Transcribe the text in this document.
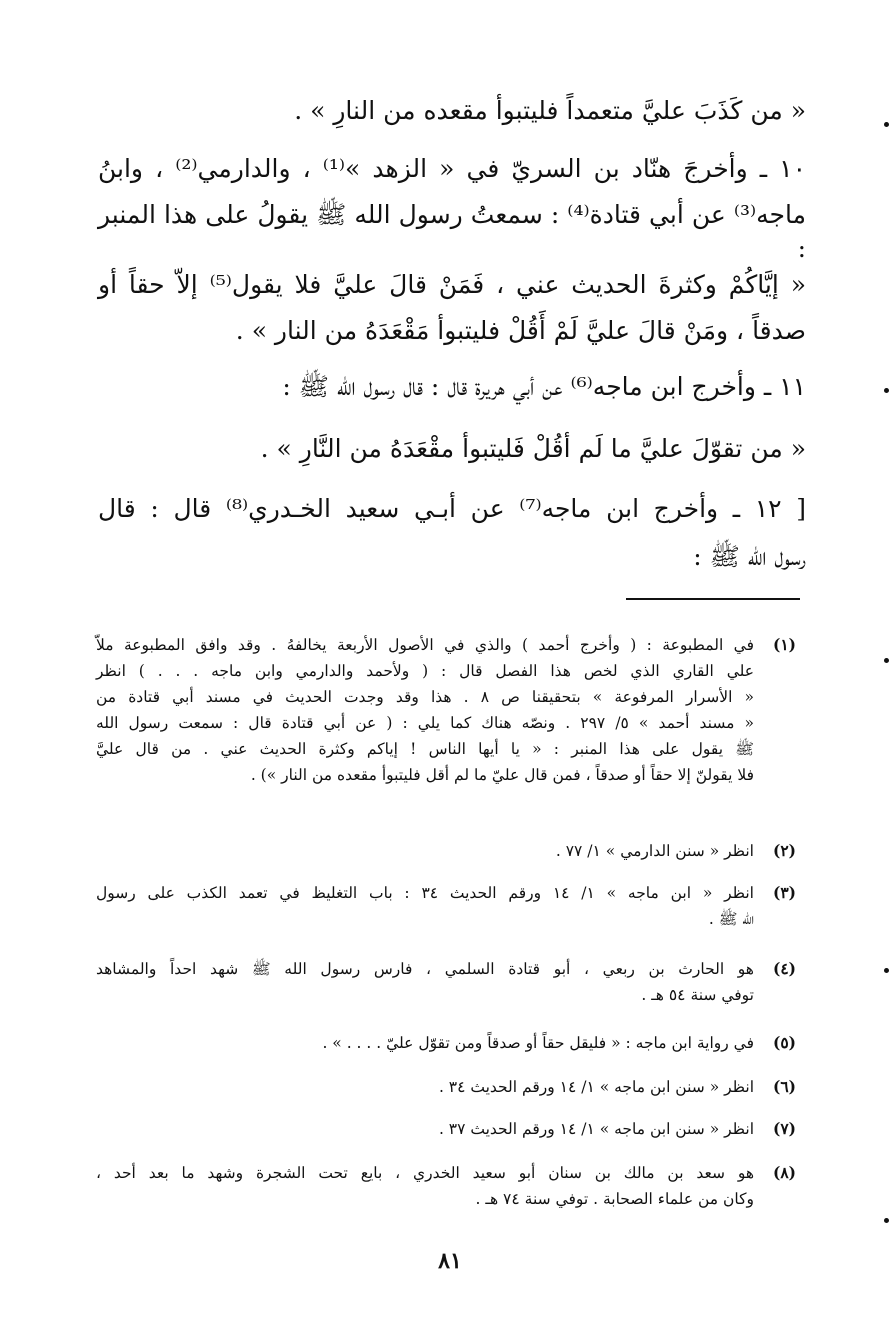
« من كَذَبَ عليَّ متعمداً فليتبوأ مقعده من النارِ » .
١٠ ـ وأخرجَ هنّاد بن السريّ في « الزهد »⁽¹⁾ ، والدارمي⁽²⁾ ، وابنُ
ماجه⁽³⁾ عن أبي قتادة⁽⁴⁾ : سمعتُ رسول الله ﷺ يقولُ على هذا المنبر :
« إيَّاكُمْ وكثرةَ الحديث عني ، فَمَنْ قالَ عليَّ فلا يقول⁽⁵⁾ إلاّ حقاً أو
صدقاً ، ومَنْ قالَ عليَّ لَمْ أَقُلْ فليتبوأ مَقْعَدَهُ من النار » .
١١ ـ وأخرج ابن ماجه⁽⁶⁾ عن أبي هريرة قال : قال رسول الله ﷺ :
« من تقوّلَ عليَّ ما لَم أقُلْ فَليتبوأ مقْعَدَهُ من النَّارِ » .
[ ١٢ ـ وأخرج ابن ماجه⁽⁷⁾ عن أبـي سعيد الخـدري⁽⁸⁾ قال : قال
رسول الله ﷺ :
(١)
في المطبوعة : ( وأخرج أحمد ) والذي في الأصول الأربعة يخالفهُ . وقد وافق المطبوعة ملاّ
علي القاري الذي لخص هذا الفصل قال : ( ولأحمد والدارمي وابن ماجه . . . ) انظر
« الأسرار المرفوعة » بتحقيقنا ص ٨ . هذا وقد وجدت الحديث في مسند أبي قتادة من
« مسند أحمد » ٥/ ٢٩٧ . ونصّه هناك كما يلي : ( عن أبي قتادة قال : سمعت رسول الله
ﷺ يقول على هذا المنبر : « يا أيها الناس ! إياكم وكثرة الحديث عني . من قال عليَّ
فلا يقولنّ إلا حقاً أو صدقاً ، فمن قال عليّ ما لم أقل فليتبوأ مقعده من النار ») .
(٢)
انظر « سنن الدارمي » ١/ ٧٧ .
(٣)
انظر « ابن ماجه » ١/ ١٤ ورقم الحديث ٣٤ : باب التغليظ في تعمد الكذب على رسول
الله ﷺ .
(٤)
هو الحارث بن ربعي ، أبو قتادة السلمي ، فارس رسول الله ﷺ شهد احداً والمشاهد
توفي سنة ٥٤ هـ .
(٥)
في رواية ابن ماجه : « فليقل حقاً أو صدقاً ومن تقوّل عليّ . . . . » .
(٦)
انظر « سنن ابن ماجه » ١/ ١٤ ورقم الحديث ٣٤ .
(٧)
انظر « سنن ابن ماجه » ١/ ١٤ ورقم الحديث ٣٧ .
(٨)
هو سعد بن مالك بن سنان أبو سعيد الخدري ، بايع تحت الشجرة وشهد ما بعد أحد ،
وكان من علماء الصحابة . توفي سنة ٧٤ هـ .
٨١
